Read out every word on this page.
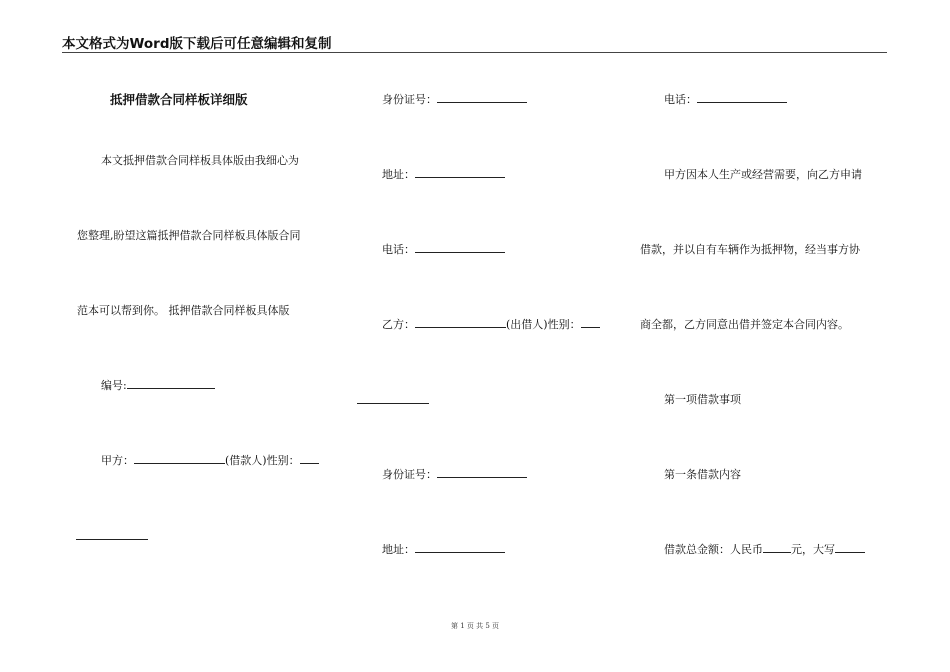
本文格式为Word版下载后可任意编辑和复制
抵押借款合同样板详细版
本文抵押借款合同样板具体版由我细心为
您整理,盼望这篇抵押借款合同样板具体版合同
范本可以帮到你。 抵押借款合同样板具体版
编号:
甲方：	(借款人)性别：
身份证号：
地址：
电话：
乙方：	(出借人)性别：
身份证号：
地址：
电话：
甲方因本人生产或经营需要，向乙方申请
借款，并以自有车辆作为抵押物，经当事方协
商全都，乙方同意出借并签定本合同内容。
第一项借款事项
第一条借款内容
借款总金额：人民币	元，大写
第 1 页 共 5 页
